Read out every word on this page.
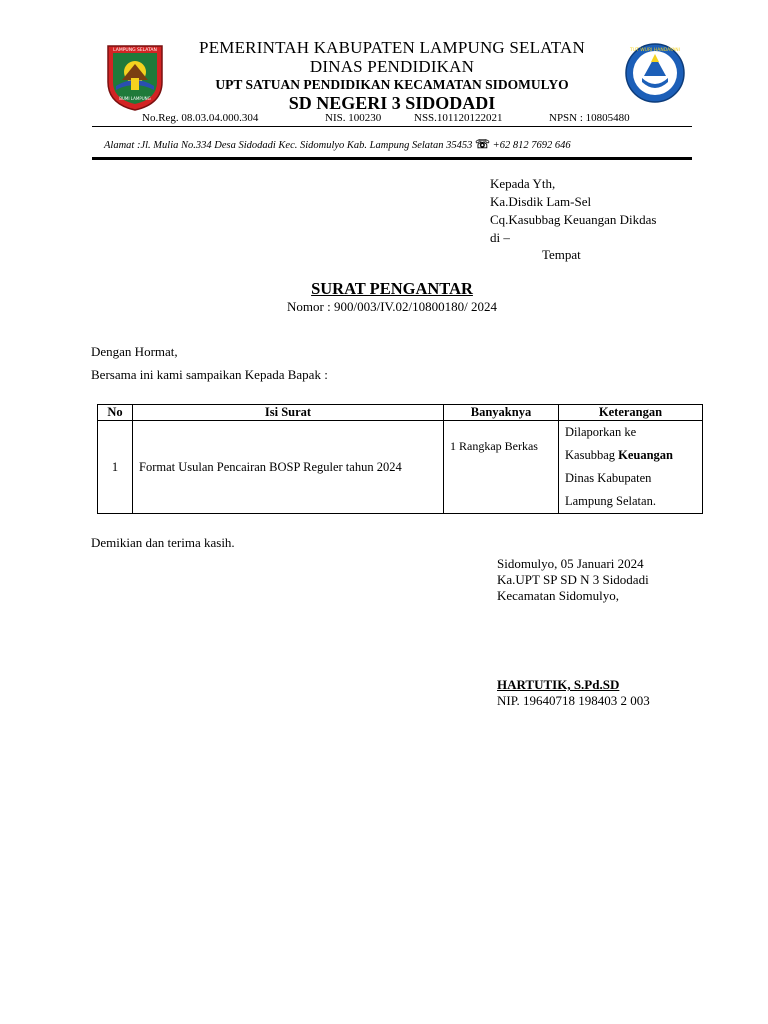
LAMPUNG SELATAN
BUMI LAMPUNG
TUT WURI HANDAYANI
PEMERINTAH KABUPATEN LAMPUNG SELATAN
DINAS PENDIDIKAN
UPT SATUAN PENDIDIKAN KECAMATAN SIDOMULYO
SD NEGERI 3 SIDODADI
No.Reg. 08.03.04.000.304	NIS. 100230	NSS.101120122021	NPSN : 10805480
Alamat :Jl. Mulia No.334 Desa Sidodadi Kec. Sidomulyo Kab. Lampung Selatan 35453 ☏ +62 812 7692 646
Kepada Yth,
Ka.Disdik Lam-Sel
Cq.Kasubbag Keuangan Dikdas
di –
Tempat
SURAT PENGANTAR
Nomor : 900/003/IV.02/10800180/ 2024
Dengan Hormat,
Bersama ini kami sampaikan Kepada Bapak :
No	Isi Surat	Banyaknya	Keterangan
1	Format Usulan Pencairan BOSP Reguler tahun 2024	1 Rangkap Berkas	Dilaporkan ke
Kasubbag Keuangan
Dinas Kabupaten
Lampung Selatan.
Demikian dan terima kasih.
Sidomulyo, 05 Januari 2024
Ka.UPT SP SD N 3 Sidodadi
Kecamatan Sidomulyo,
HARTUTIK, S.Pd.SD
NIP. 19640718 198403 2 003
